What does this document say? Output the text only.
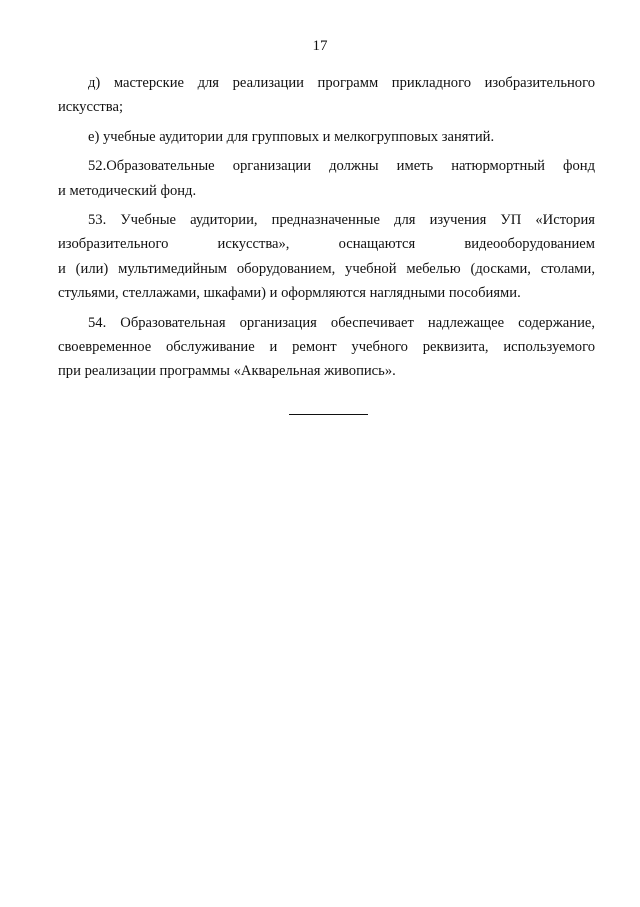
17
д) мастерские для реализации программ прикладного изобразительного
искусства;
е) учебные аудитории для групповых и мелкогрупповых занятий.
52.Образовательные организации должны иметь натюрмортный фонд
и методический фонд.
53. Учебные аудитории, предназначенные для изучения УП «История
изобразительного искусства», оснащаются видеооборудованием
и (или) мультимедийным оборудованием, учебной мебелью (досками, столами,
стульями, стеллажами, шкафами) и оформляются наглядными пособиями.
54. Образовательная организация обеспечивает надлежащее содержание,
своевременное обслуживание и ремонт учебного реквизита, используемого
при реализации программы «Акварельная живопись».
